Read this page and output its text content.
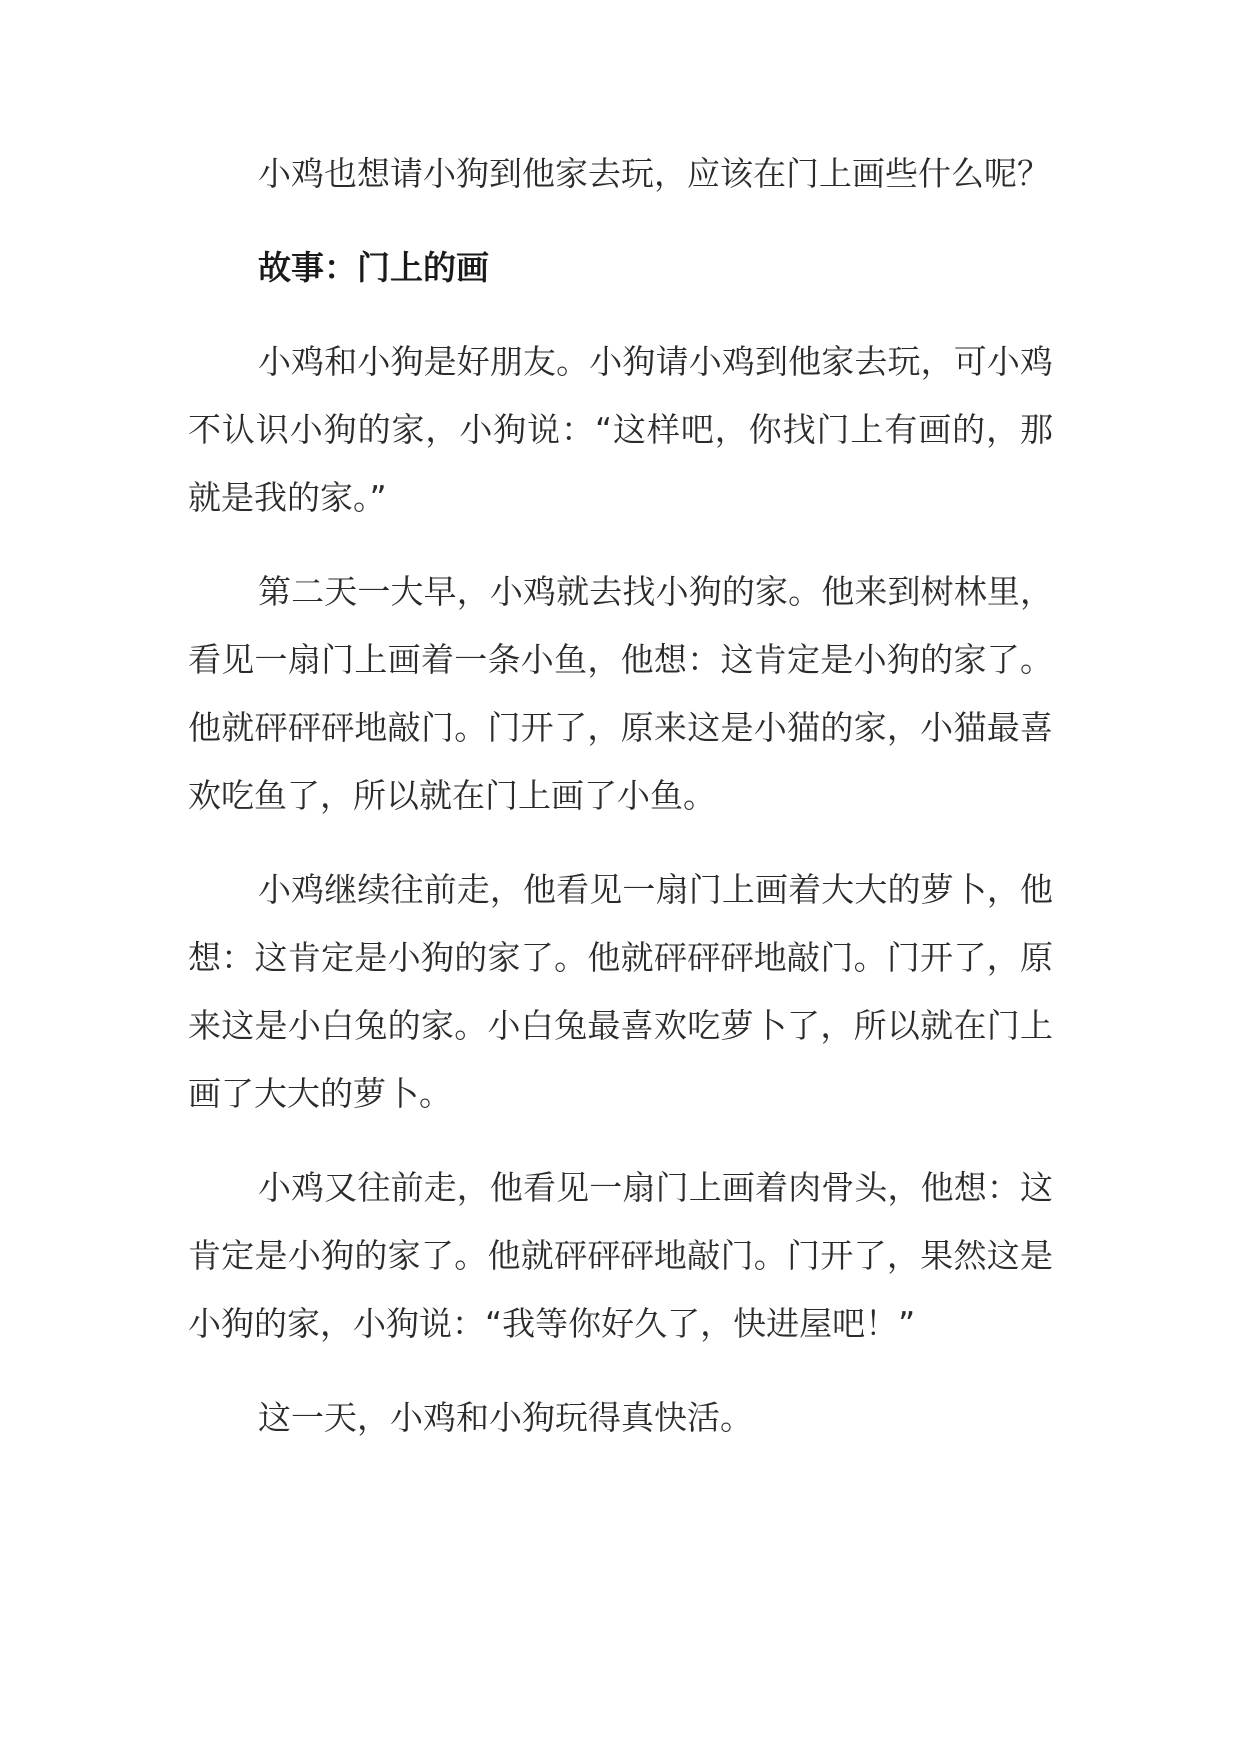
小鸡也想请小狗到他家去玩，应该在门上画些什么呢？

故事：门上的画

小鸡和小狗是好朋友。小狗请小鸡到他家去玩，可小鸡不认识小狗的家，小狗说：“这样吧，你找门上有画的，那就是我的家。”

第二天一大早，小鸡就去找小狗的家。他来到树林里，看见一扇门上画着一条小鱼，他想：这肯定是小狗的家了。他就砰砰砰地敲门。门开了，原来这是小猫的家，小猫最喜欢吃鱼了，所以就在门上画了小鱼。

小鸡继续往前走，他看见一扇门上画着大大的萝卜，他想：这肯定是小狗的家了。他就砰砰砰地敲门。门开了，原来这是小白兔的家。小白兔最喜欢吃萝卜了，所以就在门上画了大大的萝卜。

小鸡又往前走，他看见一扇门上画着肉骨头，他想：这肯定是小狗的家了。他就砰砰砰地敲门。门开了，果然这是小狗的家，小狗说：“我等你好久了，快进屋吧！”

这一天，小鸡和小狗玩得真快活。
